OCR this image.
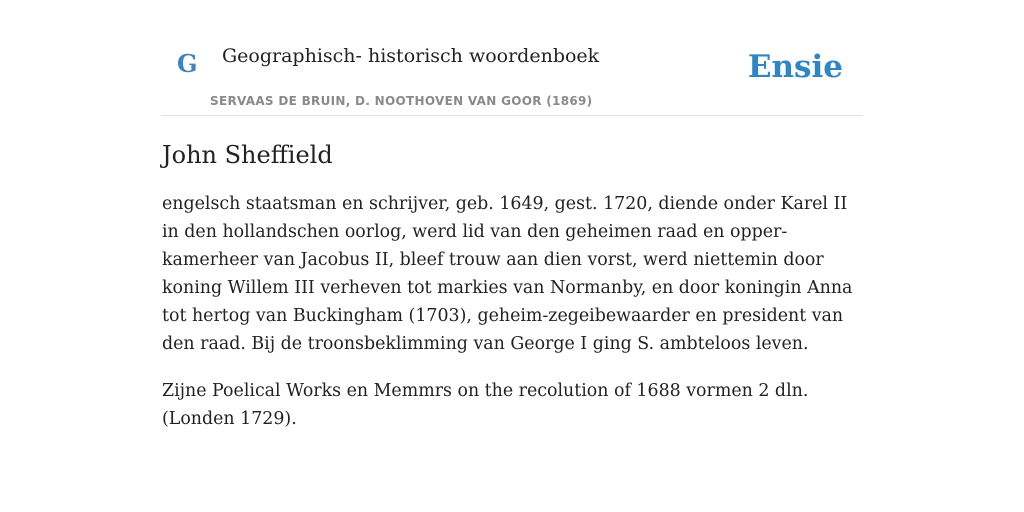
G Geographisch- historisch woordenboek
SERVAAS DE BRUIN, D. NOOTHOVEN VAN GOOR (1869)
Ensie
John Sheffield

engelsch staatsman en schrijver, geb. 1649, gest. 1720, diende onder Karel II in den hollandschen oorlog, werd lid van den geheimen raad en opper-kamerheer van Jacobus II, bleef trouw aan dien vorst, werd niettemin door koning Willem III verheven tot markies van Normanby, en door koningin Anna tot hertog van Buckingham (1703), geheim-zegeibewaarder en president van den raad. Bij de troonsbeklimming van George I ging S. ambteloos leven.

Zijne Poelical Works en Memmrs on the recolution of 1688 vormen 2 dln. (Londen 1729).
